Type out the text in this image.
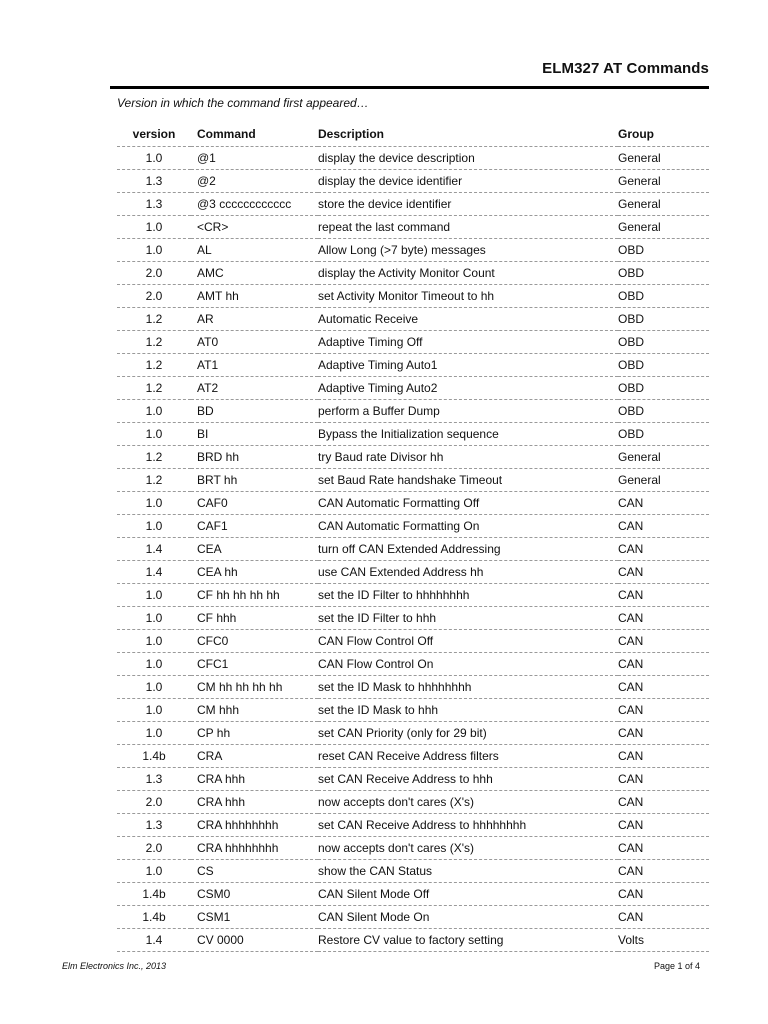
ELM327 AT Commands

Version in which the command first appeared…

version	Command	Description	Group
1.0	@1	display the device description	General
1.3	@2	display the device identifier	General
1.3	@3 cccccccccccc	store the device identifier	General
1.0	<CR>	repeat the last command	General
1.0	AL	Allow Long (>7 byte) messages	OBD
2.0	AMC	display the Activity Monitor Count	OBD
2.0	AMT hh	set Activity Monitor Timeout to hh	OBD
1.2	AR	Automatic Receive	OBD
1.2	AT0	Adaptive Timing Off	OBD
1.2	AT1	Adaptive Timing Auto1	OBD
1.2	AT2	Adaptive Timing Auto2	OBD
1.0	BD	perform a Buffer Dump	OBD
1.0	BI	Bypass the Initialization sequence	OBD
1.2	BRD hh	try Baud rate Divisor hh	General
1.2	BRT hh	set Baud Rate handshake Timeout	General
1.0	CAF0	CAN Automatic Formatting Off	CAN
1.0	CAF1	CAN Automatic Formatting On	CAN
1.4	CEA	turn off CAN Extended Addressing	CAN
1.4	CEA hh	use CAN Extended Address hh	CAN
1.0	CF hh hh hh hh	set the ID Filter to hhhhhhhh	CAN
1.0	CF hhh	set the ID Filter to hhh	CAN
1.0	CFC0	CAN Flow Control Off	CAN
1.0	CFC1	CAN Flow Control On	CAN
1.0	CM hh hh hh hh	set the ID Mask to hhhhhhhh	CAN
1.0	CM hhh	set the ID Mask to hhh	CAN
1.0	CP hh	set CAN Priority (only for 29 bit)	CAN
1.4b	CRA	reset CAN Receive Address filters	CAN
1.3	CRA hhh	set CAN Receive Address to hhh	CAN
2.0	CRA hhh	now accepts don't cares (X's)	CAN
1.3	CRA hhhhhhhh	set CAN Receive Address to hhhhhhhh	CAN
2.0	CRA hhhhhhhh	now accepts don't cares (X's)	CAN
1.0	CS	show the CAN Status	CAN
1.4b	CSM0	CAN Silent Mode Off	CAN
1.4b	CSM1	CAN Silent Mode On	CAN
1.4	CV 0000	Restore CV value to factory setting	Volts
Elm Electronics Inc., 2013	Page 1 of 4
